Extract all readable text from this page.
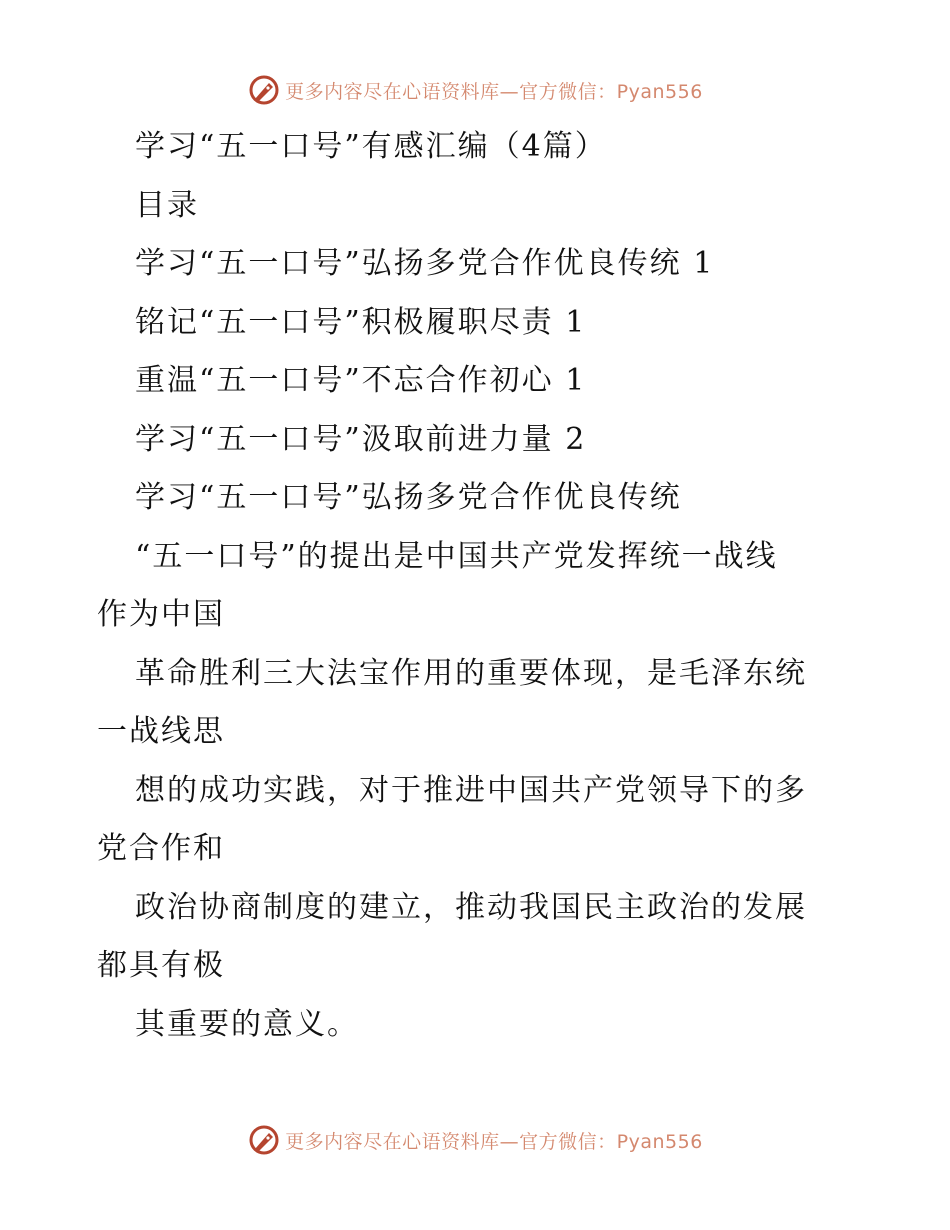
更多内容尽在心语资料库—官方微信：Pyan556
学习“五一口号”有感汇编（4篇）
目录
学习“五一口号”弘扬多党合作优良传统 1
铭记“五一口号”积极履职尽责 1
重温“五一口号”不忘合作初心 1
学习“五一口号”汲取前进力量 2
学习“五一口号”弘扬多党合作优良传统
“五一口号”的提出是中国共产党发挥统一战线
作为中国
革命胜利三大法宝作用的重要体现，是毛泽东统
一战线思
想的成功实践，对于推进中国共产党领导下的多
党合作和
政治协商制度的建立，推动我国民主政治的发展
都具有极
其重要的意义。
更多内容尽在心语资料库—官方微信：Pyan556
